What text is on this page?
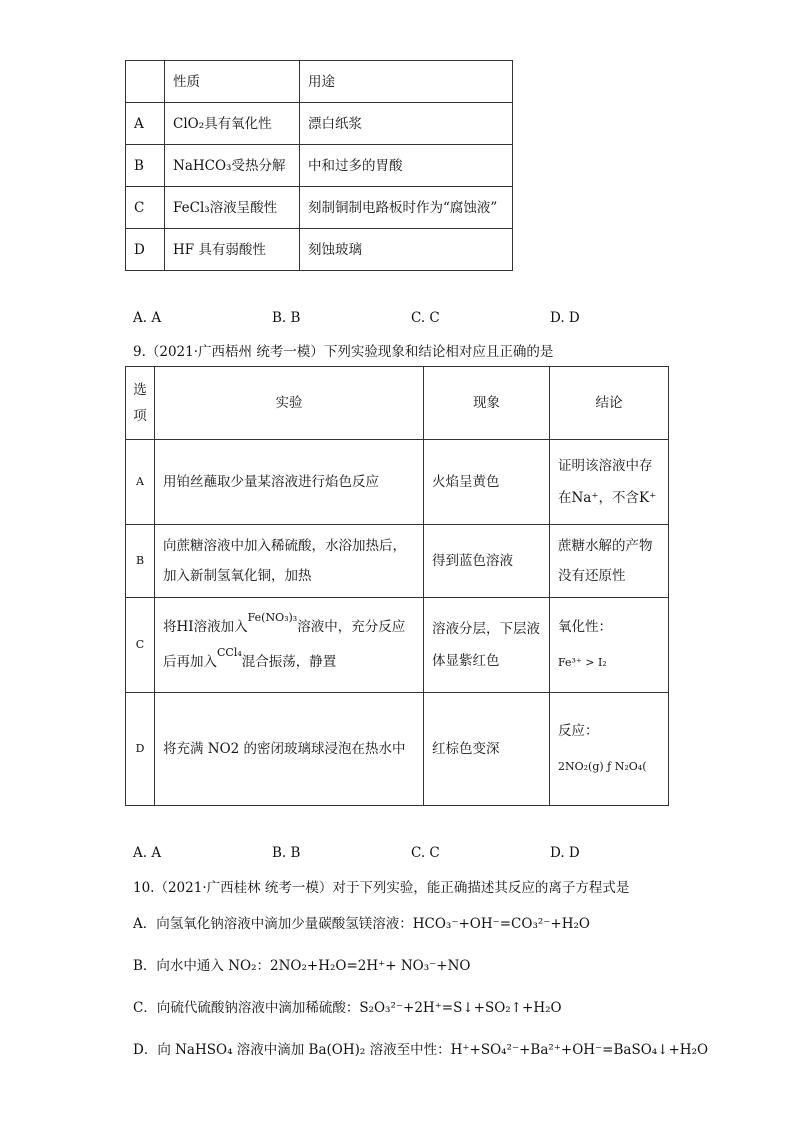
	性质	用途
A	ClO₂具有氧化性	漂白纸浆
B	NaHCO₃受热分解	中和过多的胃酸
C	FeCl₃溶液呈酸性	刻制铜制电路板时作为“腐蚀液”
D	HF 具有弱酸性	刻蚀玻璃
A. A	B. B	C. C	D. D
9.（2021·广西梧州 统考一模）下列实验现象和结论相对应且正确的是
选项	实验	现象	结论
A	用铂丝蘸取少量某溶液进行焰色反应	火焰呈黄色	证明该溶液中存在Na⁺，不含K⁺
B	向蔗糖溶液中加入稀硫酸，水浴加热后，加入新制氢氧化铜，加热	得到蓝色溶液	蔗糖水解的产物没有还原性
C	将HI溶液加入$^{Fe(NO_3)_3}$溶液中，充分反应后再加入$^{CCl_4}$混合振荡，静置	溶液分层，下层液体显紫红色	氧化性：
Fe³⁺ > I₂

D	将充满 NO2 的密闭玻璃球浸泡在热水中	红棕色变深	反应：
2NO₂(g) ƒ N₂O₄(
A. A	B. B	C. C	D. D
10.（2021·广西桂林 统考一模）对于下列实验，能正确描述其反应的离子方程式是
A．向氢氧化钠溶液中滴加少量碳酸氢镁溶液：HCO₃⁻+OH⁻=CO₃²⁻+H₂O
B．向水中通入 NO₂：2NO₂+H₂O=2H⁺+ NO₃⁻+NO
C．向硫代硫酸钠溶液中滴加稀硫酸：S₂O₃²⁻+2H⁺=S↓+SO₂↑+H₂O
D．向 NaHSO₄ 溶液中滴加 Ba(OH)₂ 溶液至中性：H⁺+SO₄²⁻+Ba²⁺+OH⁻=BaSO₄↓+H₂O
